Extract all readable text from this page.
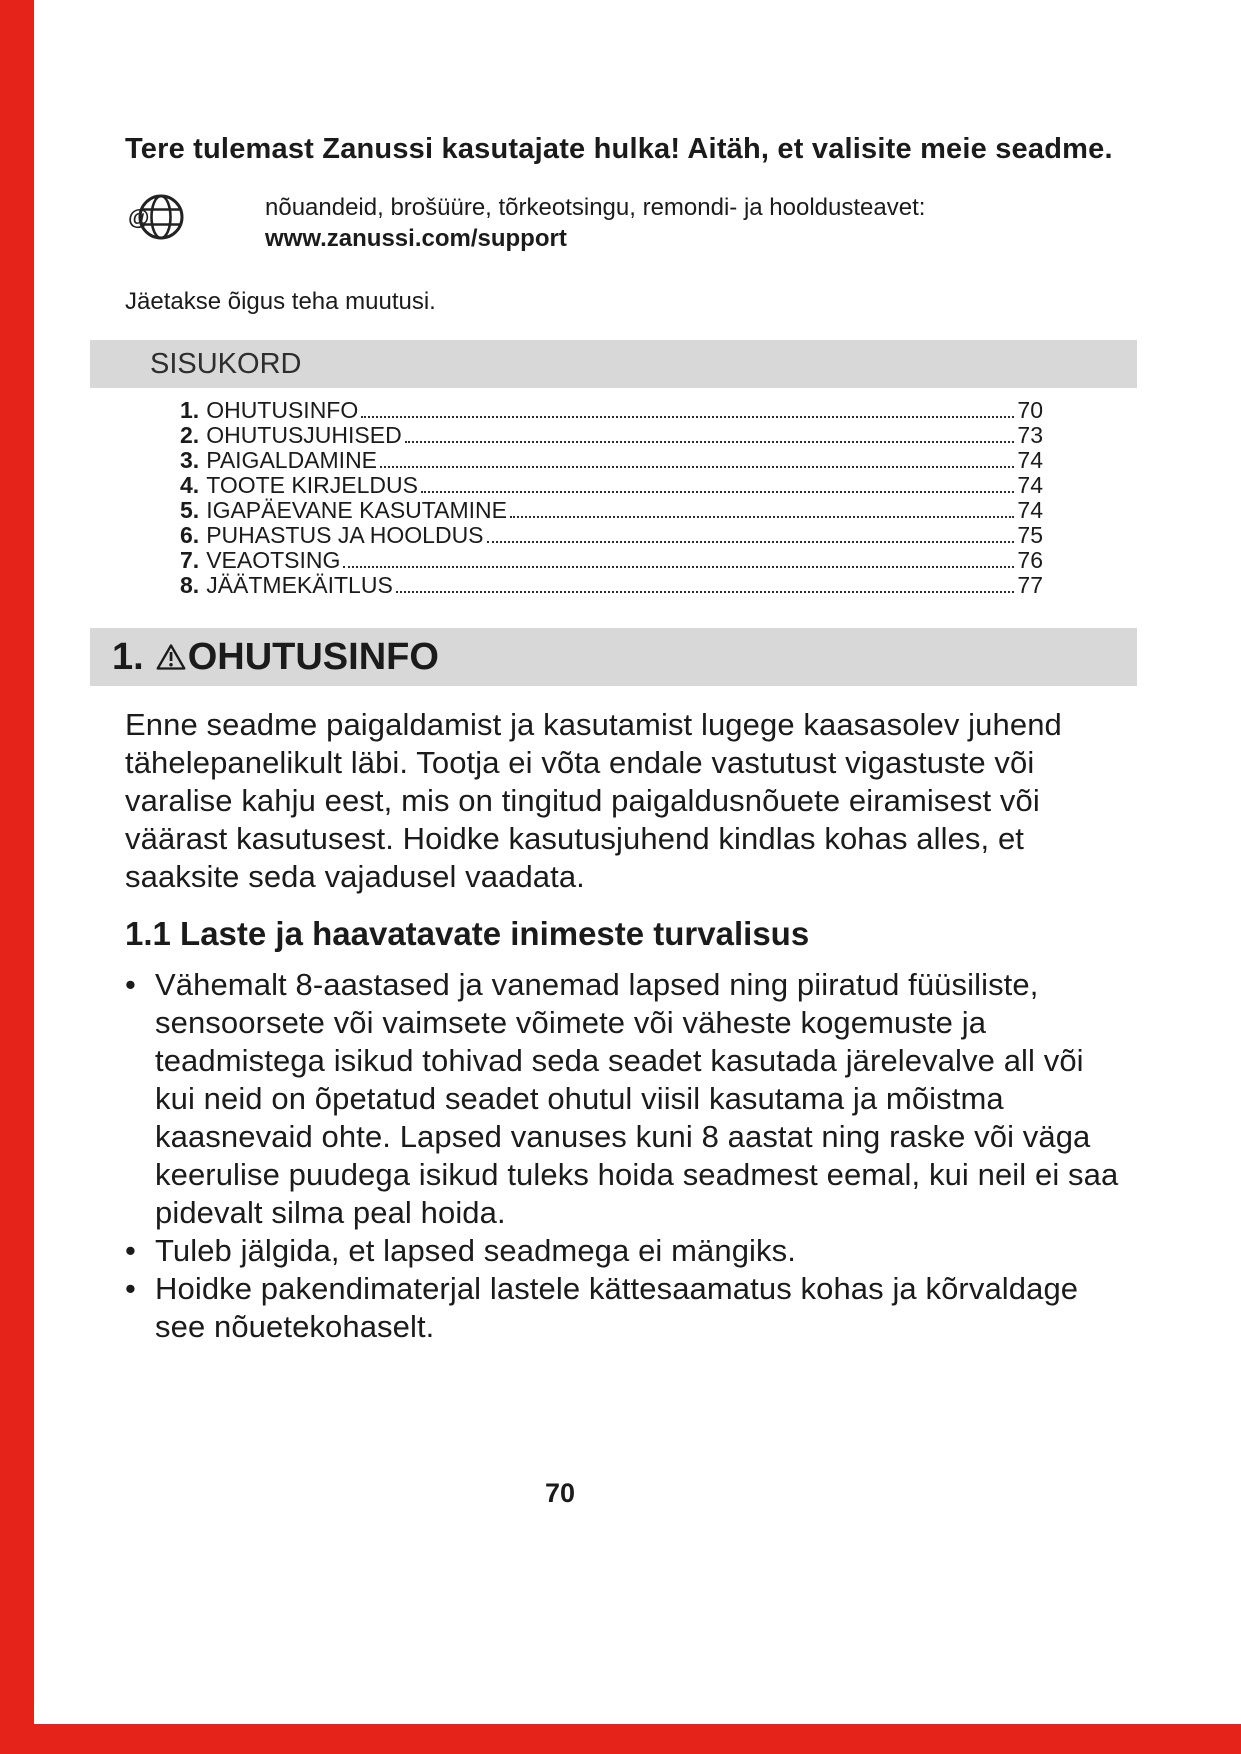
Tere tulemast Zanussi kasutajate hulka! Aitäh, et valisite meie seadme.
@	nõuandeid, brošüüre, tõrkeotsingu, remondi- ja hooldusteavet:
www.zanussi.com/support
Jäetakse õigus teha muutusi.
SISUKORD
1. OHUTUSINFO	70
2. OHUTUSJUHISED	73
3. PAIGALDAMINE	74
4. TOOTE KIRJELDUS	74
5. IGAPÄEVANE KASUTAMINE	74
6. PUHASTUS JA HOOLDUS	75
7. VEAOTSING	76
8. JÄÄTMEKÄITLUS	77
1. OHUTUSINFO
Enne seadme paigaldamist ja kasutamist lugege kaasasolev juhend tähelepanelikult läbi. Tootja ei võta endale vastutust vigastuste või varalise kahju eest, mis on tingitud paigaldusnõuete eiramisest või väärast kasutusest. Hoidke kasutusjuhend kindlas kohas alles, et saaksite seda vajadusel vaadata.
1.1 Laste ja haavatavate inimeste turvalisus
• Vähemalt 8-aastased ja vanemad lapsed ning piiratud füüsiliste, sensoorsete või vaimsete võimete või väheste kogemuste ja teadmistega isikud tohivad seda seadet kasutada järelevalve all või kui neid on õpetatud seadet ohutul viisil kasutama ja mõistma kaasnevaid ohte. Lapsed vanuses kuni 8 aastat ning raske või väga keerulise puudega isikud tuleks hoida seadmest eemal, kui neil ei saa pidevalt silma peal hoida.
• Tuleb jälgida, et lapsed seadmega ei mängiks.
• Hoidke pakendimaterjal lastele kättesaamatus kohas ja kõrvaldage see nõuetekohaselt.
70
